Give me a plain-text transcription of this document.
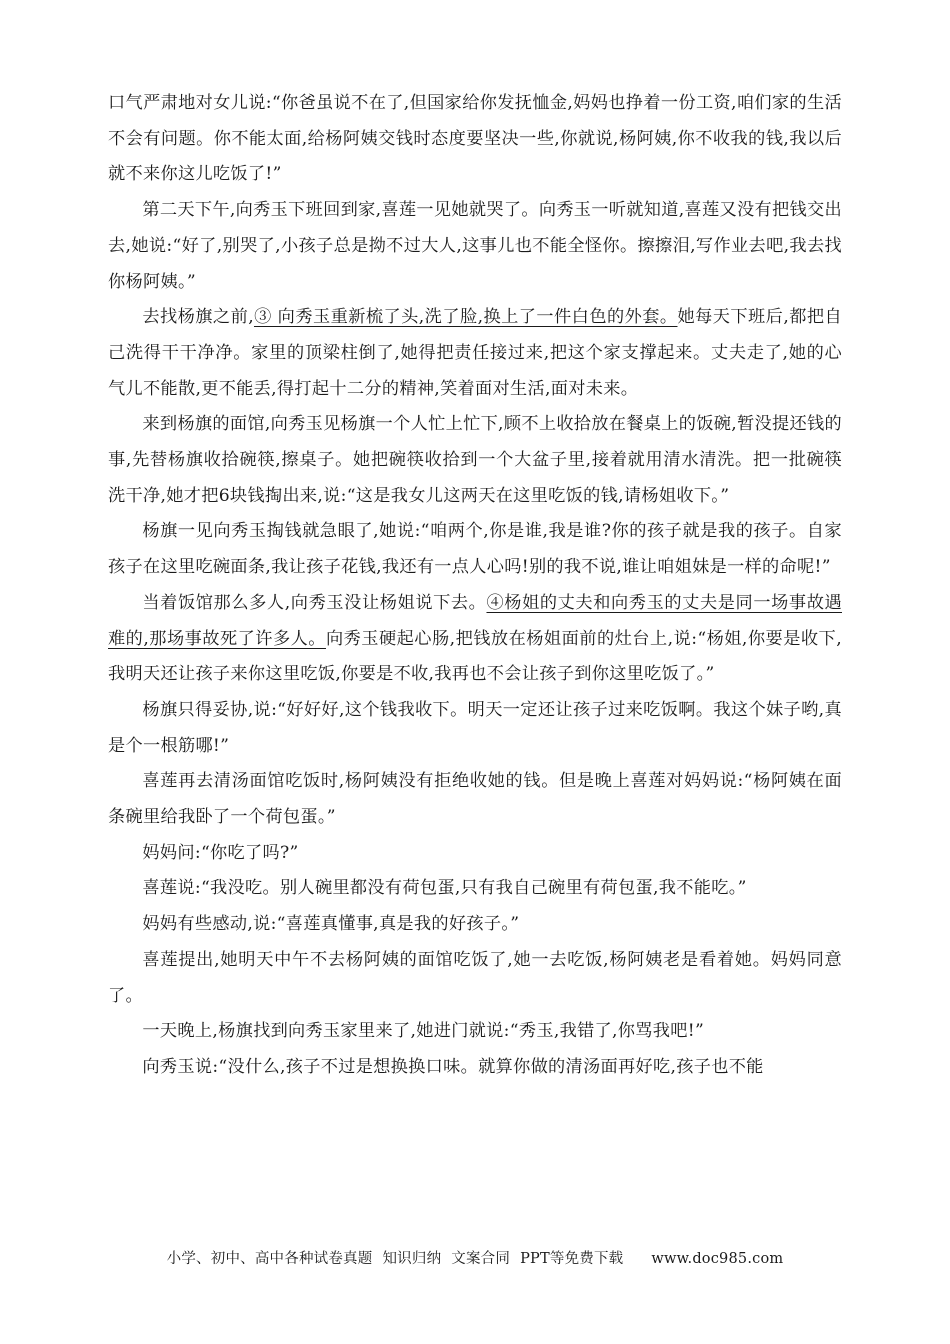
口气严肃地对女儿说:“你爸虽说不在了,但国家给你发抚恤金,妈妈也挣着一份工资,咱们家的生活不会有问题。你不能太面,给杨阿姨交钱时态度要坚决一些,你就说,杨阿姨,你不收我的钱,我以后就不来你这儿吃饭了!”

第二天下午,向秀玉下班回到家,喜莲一见她就哭了。向秀玉一听就知道,喜莲又没有把钱交出去,她说:“好了,别哭了,小孩子总是拗不过大人,这事儿也不能全怪你。擦擦泪,写作业去吧,我去找你杨阿姨。”

去找杨旗之前,③ 向秀玉重新梳了头,洗了脸,换上了一件白色的外套。她每天下班后,都把自己洗得干干净净。家里的顶梁柱倒了,她得把责任接过来,把这个家支撑起来。丈夫走了,她的心气儿不能散,更不能丢,得打起十二分的精神,笑着面对生活,面对未来。

来到杨旗的面馆,向秀玉见杨旗一个人忙上忙下,顾不上收拾放在餐桌上的饭碗,暂没提还钱的事,先替杨旗收拾碗筷,擦桌子。她把碗筷收拾到一个大盆子里,接着就用清水清洗。把一批碗筷洗干净,她才把6块钱掏出来,说:“这是我女儿这两天在这里吃饭的钱,请杨姐收下。”

杨旗一见向秀玉掏钱就急眼了,她说:“咱两个,你是谁,我是谁?你的孩子就是我的孩子。自家孩子在这里吃碗面条,我让孩子花钱,我还有一点人心吗!别的我不说,谁让咱姐妹是一样的命呢!”

当着饭馆那么多人,向秀玉没让杨姐说下去。④杨姐的丈夫和向秀玉的丈夫是同一场事故遇难的,那场事故死了许多人。向秀玉硬起心肠,把钱放在杨姐面前的灶台上,说:“杨姐,你要是收下,我明天还让孩子来你这里吃饭,你要是不收,我再也不会让孩子到你这里吃饭了。”

杨旗只得妥协,说:“好好好,这个钱我收下。明天一定还让孩子过来吃饭啊。我这个妹子哟,真是个一根筋哪!”

喜莲再去清汤面馆吃饭时,杨阿姨没有拒绝收她的钱。但是晚上喜莲对妈妈说:“杨阿姨在面条碗里给我卧了一个荷包蛋。”

妈妈问:“你吃了吗?”

喜莲说:“我没吃。别人碗里都没有荷包蛋,只有我自己碗里有荷包蛋,我不能吃。”

妈妈有些感动,说:“喜莲真懂事,真是我的好孩子。”

喜莲提出,她明天中午不去杨阿姨的面馆吃饭了,她一去吃饭,杨阿姨老是看着她。妈妈同意了。

一天晚上,杨旗找到向秀玉家里来了,她进门就说:“秀玉,我错了,你骂我吧!”

向秀玉说:“没什么,孩子不过是想换换口味。就算你做的清汤面再好吃,孩子也不能

小学、初中、高中各种试卷真题 知识归纳 文案合同 PPT等免费下载 www.doc985.com
